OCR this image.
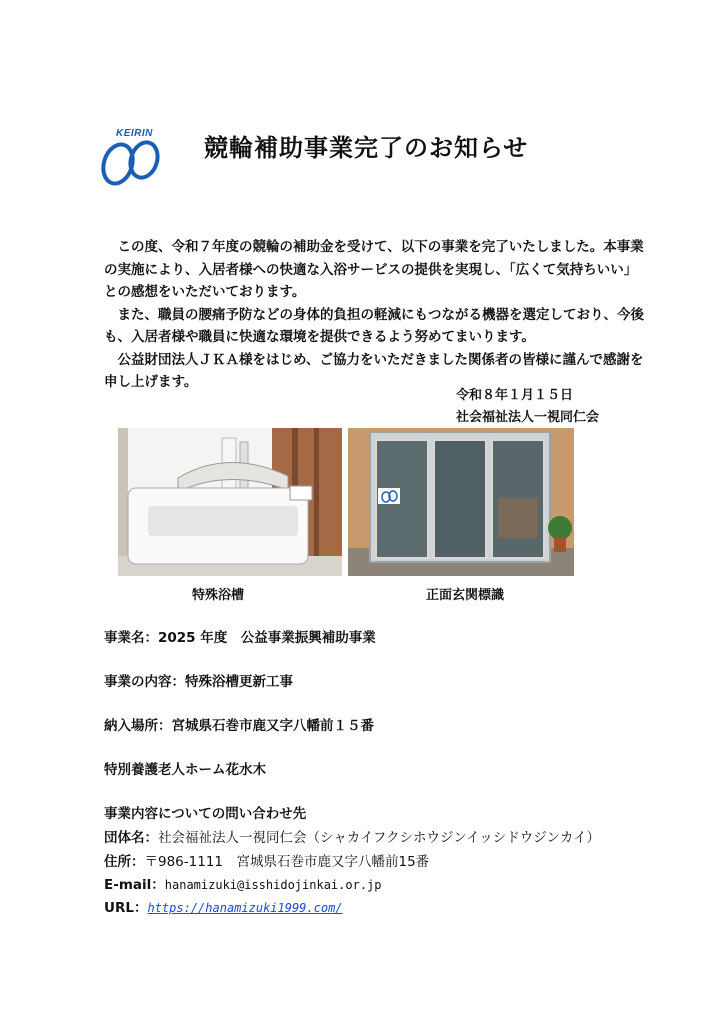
KEIRIN
競輪補助事業完了のお知らせ

この度、令和７年度の競輪の補助金を受けて、以下の事業を完了いたしました。本事業の実施により、入居者様への快適な入浴サービスの提供を実現し、「広くて気持ちいい」との感想をいただいております。

また、職員の腰痛予防などの身体的負担の軽減にもつながる機器を選定しており、今後も、入居者様や職員に快適な環境を提供できるよう努めてまいります。

公益財団法人ＪＫＡ様をはじめ、ご協力をいただきました関係者の皆様に謹んで感謝を申し上げます。

令和８年１月１５日
社会福祉法人一視同仁会
特殊浴槽	正面玄関標識
事業名：2025 年度　公益事業振興補助事業
事業の内容：特殊浴槽更新工事
納入場所：宮城県石巻市鹿又字八幡前１５番
特別養護老人ホーム花水木
事業内容についての問い合わせ先
団体名：社会福祉法人一視同仁会（シャカイフクシホウジンイッシドウジンカイ）
住所：〒986-1111　宮城県石巻市鹿又字八幡前15番
E-mail：hanamizuki@isshidojinkai.or.jp
URL：https://hanamizuki1999.com/
